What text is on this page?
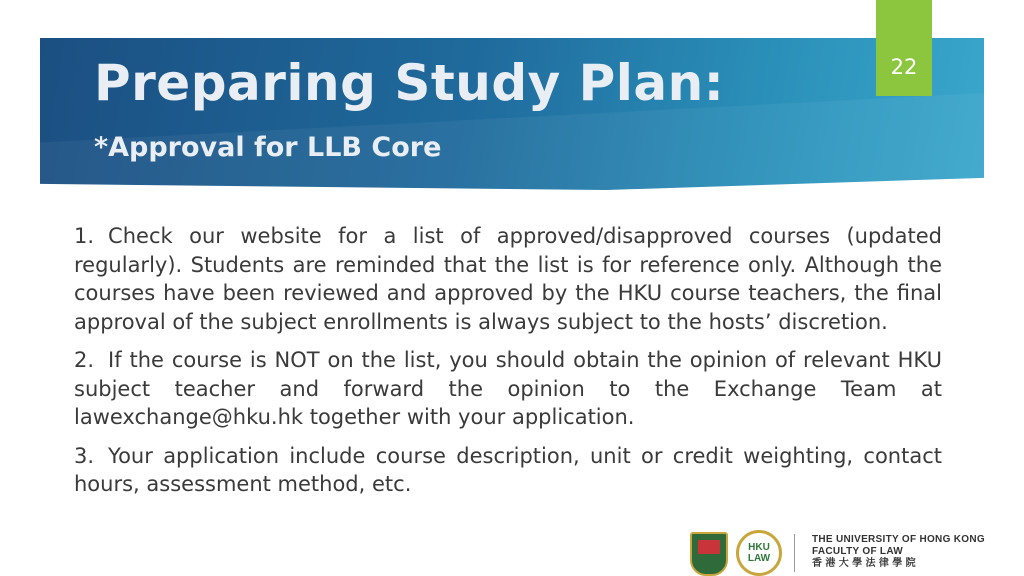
Preparing Study Plan:
*Approval for LLB Core
22

1. Check our website for a list of approved/disapproved courses (updated regularly). Students are reminded that the list is for reference only. Although the courses have been reviewed and approved by the HKU course teachers, the final approval of the subject enrollments is always subject to the hosts’ discretion.

2. If the course is NOT on the list, you should obtain the opinion of relevant HKU subject teacher and forward the opinion to the Exchange Team at lawexchange@hku.hk together with your application.

3. Your application include course description, unit or credit weighting, contact hours, assessment method, etc.

HKU
LAW
THE UNIVERSITY OF HONG KONG
FACULTY OF LAW
香 港 大 學 法 律 學 院
